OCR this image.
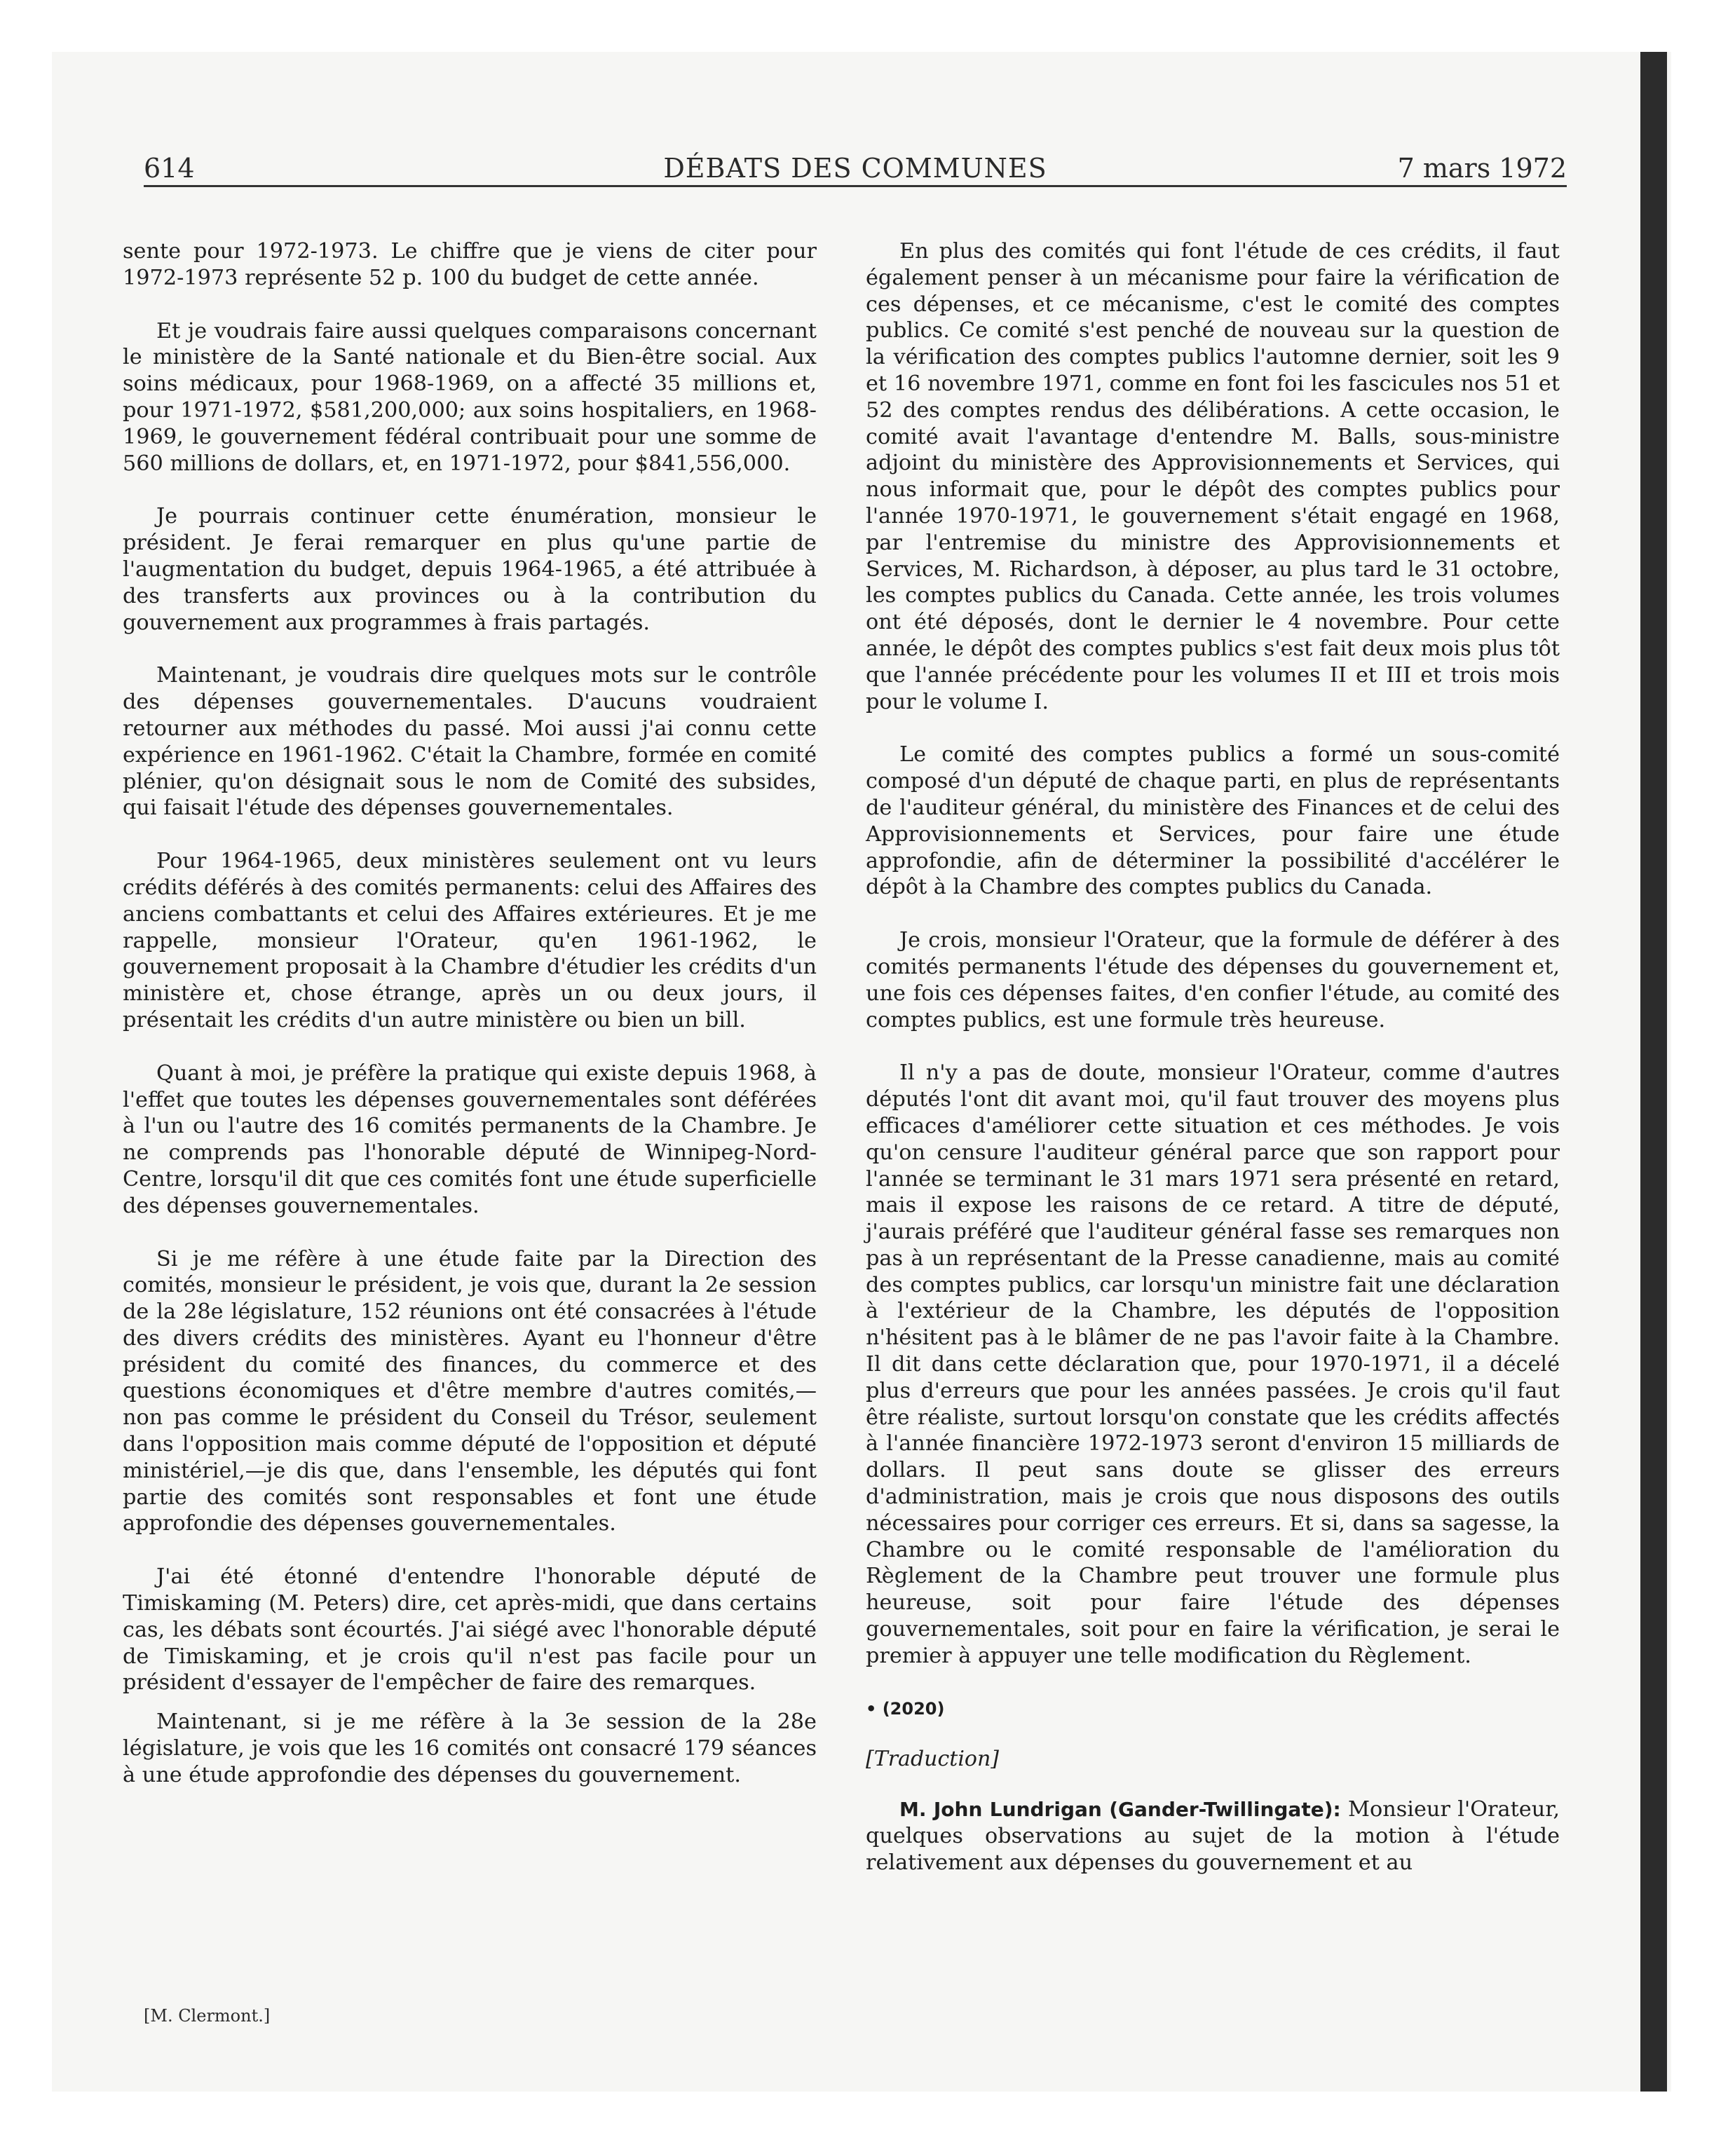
614	DÉBATS DES COMMUNES	7 mars 1972

sente pour 1972-1973. Le chiffre que je viens de citer pour 1972-1973 représente 52 p. 100 du budget de cette année.

Et je voudrais faire aussi quelques comparaisons concernant le ministère de la Santé nationale et du Bien-être social. Aux soins médicaux, pour 1968-1969, on a affecté 35 millions et, pour 1971-1972, $581,200,000; aux soins hospitaliers, en 1968-1969, le gouvernement fédéral contribuait pour une somme de 560 millions de dollars, et, en 1971-1972, pour $841,556,000.

Je pourrais continuer cette énumération, monsieur le président. Je ferai remarquer en plus qu'une partie de l'augmentation du budget, depuis 1964-1965, a été attribuée à des transferts aux provinces ou à la contribution du gouvernement aux programmes à frais partagés.

Maintenant, je voudrais dire quelques mots sur le contrôle des dépenses gouvernementales. D'aucuns voudraient retourner aux méthodes du passé. Moi aussi j'ai connu cette expérience en 1961-1962. C'était la Chambre, formée en comité plénier, qu'on désignait sous le nom de Comité des subsides, qui faisait l'étude des dépenses gouvernementales.

Pour 1964-1965, deux ministères seulement ont vu leurs crédits déférés à des comités permanents: celui des Affaires des anciens combattants et celui des Affaires extérieures. Et je me rappelle, monsieur l'Orateur, qu'en 1961-1962, le gouvernement proposait à la Chambre d'étudier les crédits d'un ministère et, chose étrange, après un ou deux jours, il présentait les crédits d'un autre ministère ou bien un bill.

Quant à moi, je préfère la pratique qui existe depuis 1968, à l'effet que toutes les dépenses gouvernementales sont déférées à l'un ou l'autre des 16 comités permanents de la Chambre. Je ne comprends pas l'honorable député de Winnipeg-Nord-Centre, lorsqu'il dit que ces comités font une étude superficielle des dépenses gouvernementales.

Si je me réfère à une étude faite par la Direction des comités, monsieur le président, je vois que, durant la 2e session de la 28e législature, 152 réunions ont été consacrées à l'étude des divers crédits des ministères. Ayant eu l'honneur d'être président du comité des finances, du commerce et des questions économiques et d'être membre d'autres comités,—non pas comme le président du Conseil du Trésor, seulement dans l'opposition mais comme député de l'opposition et député ministériel,—je dis que, dans l'ensemble, les députés qui font partie des comités sont responsables et font une étude approfondie des dépenses gouvernementales.

J'ai été étonné d'entendre l'honorable député de Timiskaming (M. Peters) dire, cet après-midi, que dans certains cas, les débats sont écourtés. J'ai siégé avec l'honorable député de Timiskaming, et je crois qu'il n'est pas facile pour un président d'essayer de l'empêcher de faire des remarques.

Maintenant, si je me réfère à la 3e session de la 28e législature, je vois que les 16 comités ont consacré 179 séances à une étude approfondie des dépenses du gouvernement.

En plus des comités qui font l'étude de ces crédits, il faut également penser à un mécanisme pour faire la vérification de ces dépenses, et ce mécanisme, c'est le comité des comptes publics. Ce comité s'est penché de nouveau sur la question de la vérification des comptes publics l'automne dernier, soit les 9 et 16 novembre 1971, comme en font foi les fascicules nos 51 et 52 des comptes rendus des délibérations. A cette occasion, le comité avait l'avantage d'entendre M. Balls, sous-ministre adjoint du ministère des Approvisionnements et Services, qui nous informait que, pour le dépôt des comptes publics pour l'année 1970-1971, le gouvernement s'était engagé en 1968, par l'entremise du ministre des Approvisionnements et Services, M. Richardson, à déposer, au plus tard le 31 octobre, les comptes publics du Canada. Cette année, les trois volumes ont été déposés, dont le dernier le 4 novembre. Pour cette année, le dépôt des comptes publics s'est fait deux mois plus tôt que l'année précédente pour les volumes II et III et trois mois pour le volume I.

Le comité des comptes publics a formé un sous-comité composé d'un député de chaque parti, en plus de représentants de l'auditeur général, du ministère des Finances et de celui des Approvisionnements et Services, pour faire une étude approfondie, afin de déterminer la possibilité d'accélérer le dépôt à la Chambre des comptes publics du Canada.

Je crois, monsieur l'Orateur, que la formule de déférer à des comités permanents l'étude des dépenses du gouvernement et, une fois ces dépenses faites, d'en confier l'étude, au comité des comptes publics, est une formule très heureuse.

Il n'y a pas de doute, monsieur l'Orateur, comme d'autres députés l'ont dit avant moi, qu'il faut trouver des moyens plus efficaces d'améliorer cette situation et ces méthodes. Je vois qu'on censure l'auditeur général parce que son rapport pour l'année se terminant le 31 mars 1971 sera présenté en retard, mais il expose les raisons de ce retard. A titre de député, j'aurais préféré que l'auditeur général fasse ses remarques non pas à un représentant de la Presse canadienne, mais au comité des comptes publics, car lorsqu'un ministre fait une déclaration à l'extérieur de la Chambre, les députés de l'opposition n'hésitent pas à le blâmer de ne pas l'avoir faite à la Chambre. Il dit dans cette déclaration que, pour 1970-1971, il a décelé plus d'erreurs que pour les années passées. Je crois qu'il faut être réaliste, surtout lorsqu'on constate que les crédits affectés à l'année financière 1972-1973 seront d'environ 15 milliards de dollars. Il peut sans doute se glisser des erreurs d'administration, mais je crois que nous disposons des outils nécessaires pour corriger ces erreurs. Et si, dans sa sagesse, la Chambre ou le comité responsable de l'amélioration du Règlement de la Chambre peut trouver une formule plus heureuse, soit pour faire l'étude des dépenses gouvernementales, soit pour en faire la vérification, je serai le premier à appuyer une telle modification du Règlement.

• (2020)
[Traduction]

M. John Lundrigan (Gander-Twillingate): Monsieur l'Orateur, quelques observations au sujet de la motion à l'étude relativement aux dépenses du gouvernement et au

[M. Clermont.]
